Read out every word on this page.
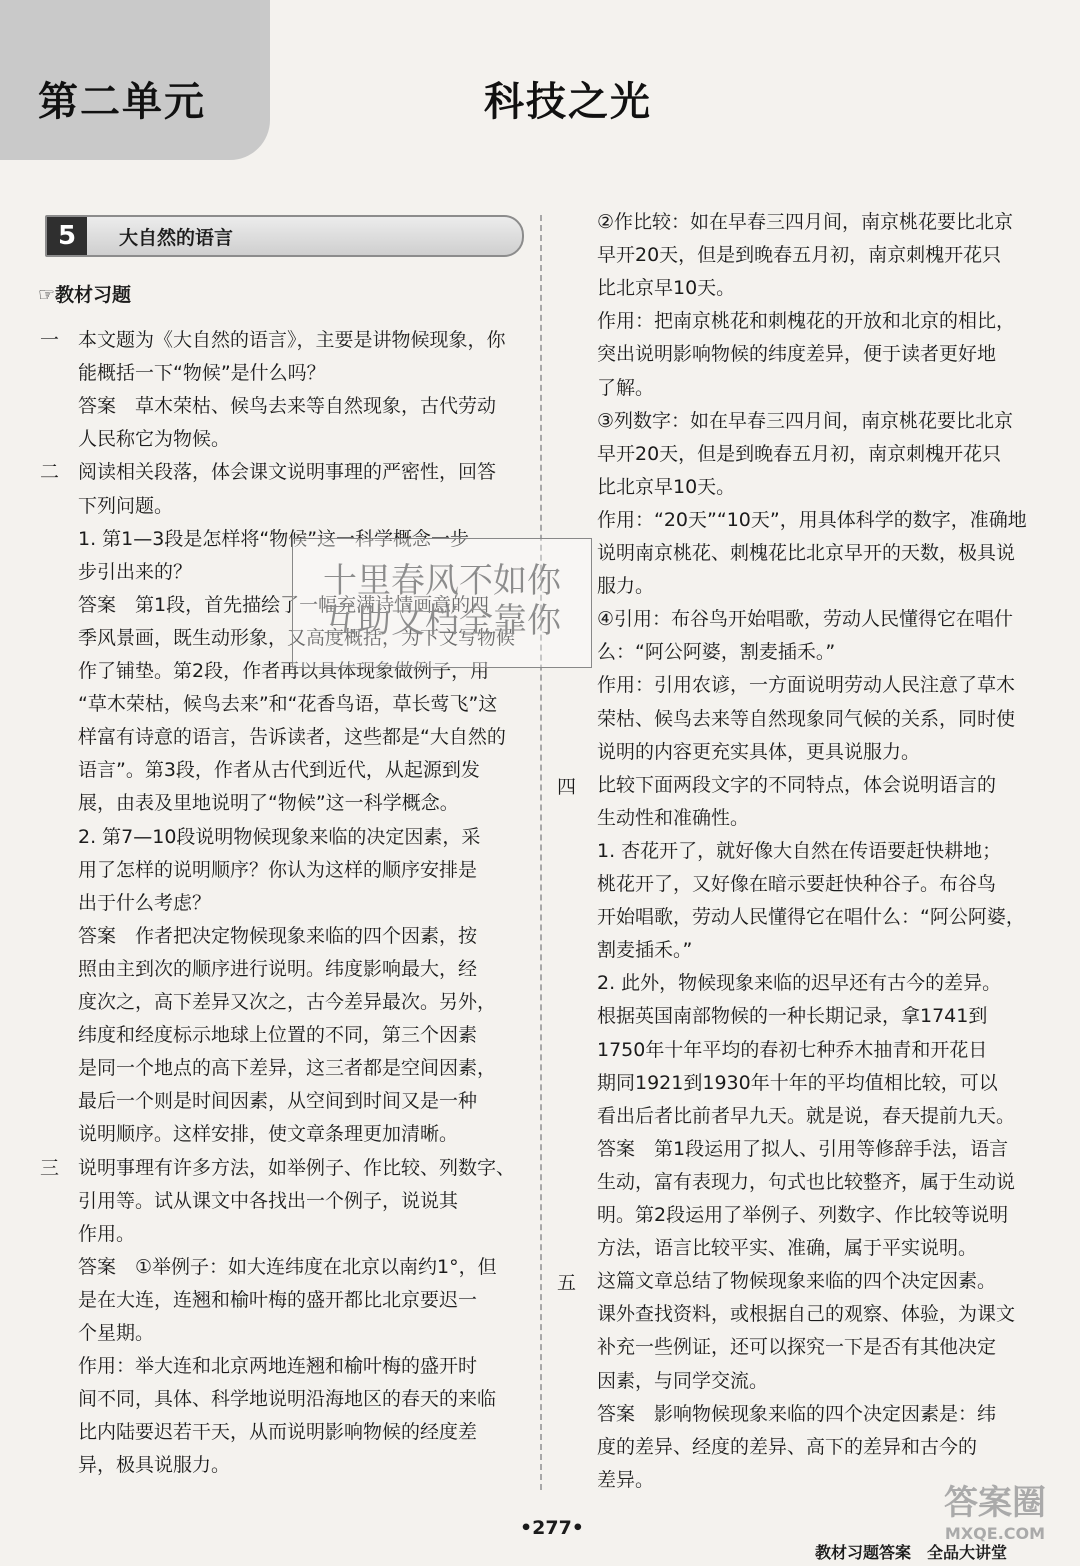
第二单元	科技之光
5	大自然的语言
☞教材习题
一　本文题为《大自然的语言》，主要是讲物候现象，你
　　能概括一下“物候”是什么吗？
　　答案　草木荣枯、候鸟去来等自然现象，古代劳动
　　人民称它为物候。
二　阅读相关段落，体会课文说明事理的严密性，回答
　　下列问题。
　　1. 第1—3段是怎样将“物候”这一科学概念一步
　　步引出来的？
　　答案　第1段，首先描绘了一幅充满诗情画意的四
　　季风景画，既生动形象，又高度概括，为下文写物候
　　作了铺垫。第2段，作者再以具体现象做例子，用
　　“草木荣枯，候鸟去来”和“花香鸟语，草长莺飞”这
　　样富有诗意的语言，告诉读者，这些都是“大自然的
　　语言”。第3段，作者从古代到近代，从起源到发
　　展，由表及里地说明了“物候”这一科学概念。
　　2. 第7—10段说明物候现象来临的决定因素，采
　　用了怎样的说明顺序？你认为这样的顺序安排是
　　出于什么考虑？
　　答案　作者把决定物候现象来临的四个因素，按
　　照由主到次的顺序进行说明。纬度影响最大，经
　　度次之，高下差异又次之，古今差异最次。另外，
　　纬度和经度标示地球上位置的不同，第三个因素
　　是同一个地点的高下差异，这三者都是空间因素，
　　最后一个则是时间因素，从空间到时间又是一种
　　说明顺序。这样安排，使文章条理更加清晰。
三　说明事理有许多方法，如举例子、作比较、列数字、
　　引用等。试从课文中各找出一个例子，说说其
　　作用。
　　答案　①举例子：如大连纬度在北京以南约1°，但
　　是在大连，连翘和榆叶梅的盛开都比北京要迟一
　　个星期。
　　作用：举大连和北京两地连翘和榆叶梅的盛开时
　　间不同，具体、科学地说明沿海地区的春天的来临
　　比内陆要迟若干天，从而说明影响物候的经度差
　　异，极具说服力。
②作比较：如在早春三四月间，南京桃花要比北京
早开20天，但是到晚春五月初，南京刺槐开花只
比北京早10天。
作用：把南京桃花和刺槐花的开放和北京的相比，
突出说明影响物候的纬度差异，便于读者更好地
了解。
③列数字：如在早春三四月间，南京桃花要比北京
早开20天，但是到晚春五月初，南京刺槐开花只
比北京早10天。
作用：“20天”“10天”，用具体科学的数字，准确地
说明南京桃花、刺槐花比北京早开的天数，极具说
服力。
④引用：布谷鸟开始唱歌，劳动人民懂得它在唱什
么：“阿公阿婆，割麦插禾。”
作用：引用农谚，一方面说明劳动人民注意了草木
荣枯、候鸟去来等自然现象同气候的关系，同时使
说明的内容更充实具体，更具说服力。
比较下面两段文字的不同特点，体会说明语言的
生动性和准确性。
1. 杏花开了，就好像大自然在传语要赶快耕地；
桃花开了，又好像在暗示要赶快种谷子。布谷鸟
开始唱歌，劳动人民懂得它在唱什么：“阿公阿婆，
割麦插禾。”
2. 此外，物候现象来临的迟早还有古今的差异。
根据英国南部物候的一种长期记录，拿1741到
1750年十年平均的春初七种乔木抽青和开花日
期同1921到1930年十年的平均值相比较，可以
看出后者比前者早九天。就是说，春天提前九天。
答案　第1段运用了拟人、引用等修辞手法，语言
生动，富有表现力，句式也比较整齐，属于生动说
明。第2段运用了举例子、列数字、作比较等说明
方法，语言比较平实、准确，属于平实说明。
这篇文章总结了物候现象来临的四个决定因素。
课外查找资料，或根据自己的观察、体验，为课文
补充一些例证，还可以探究一下是否有其他决定
因素，与同学交流。
答案　影响物候现象来临的四个决定因素是：纬
度的差异、经度的差异、高下的差异和古今的
差异。
四
五
十里春风不如你
互助文档全靠你
•277•
教材习题答案　全品大讲堂
答案圈
MXQE.COM
